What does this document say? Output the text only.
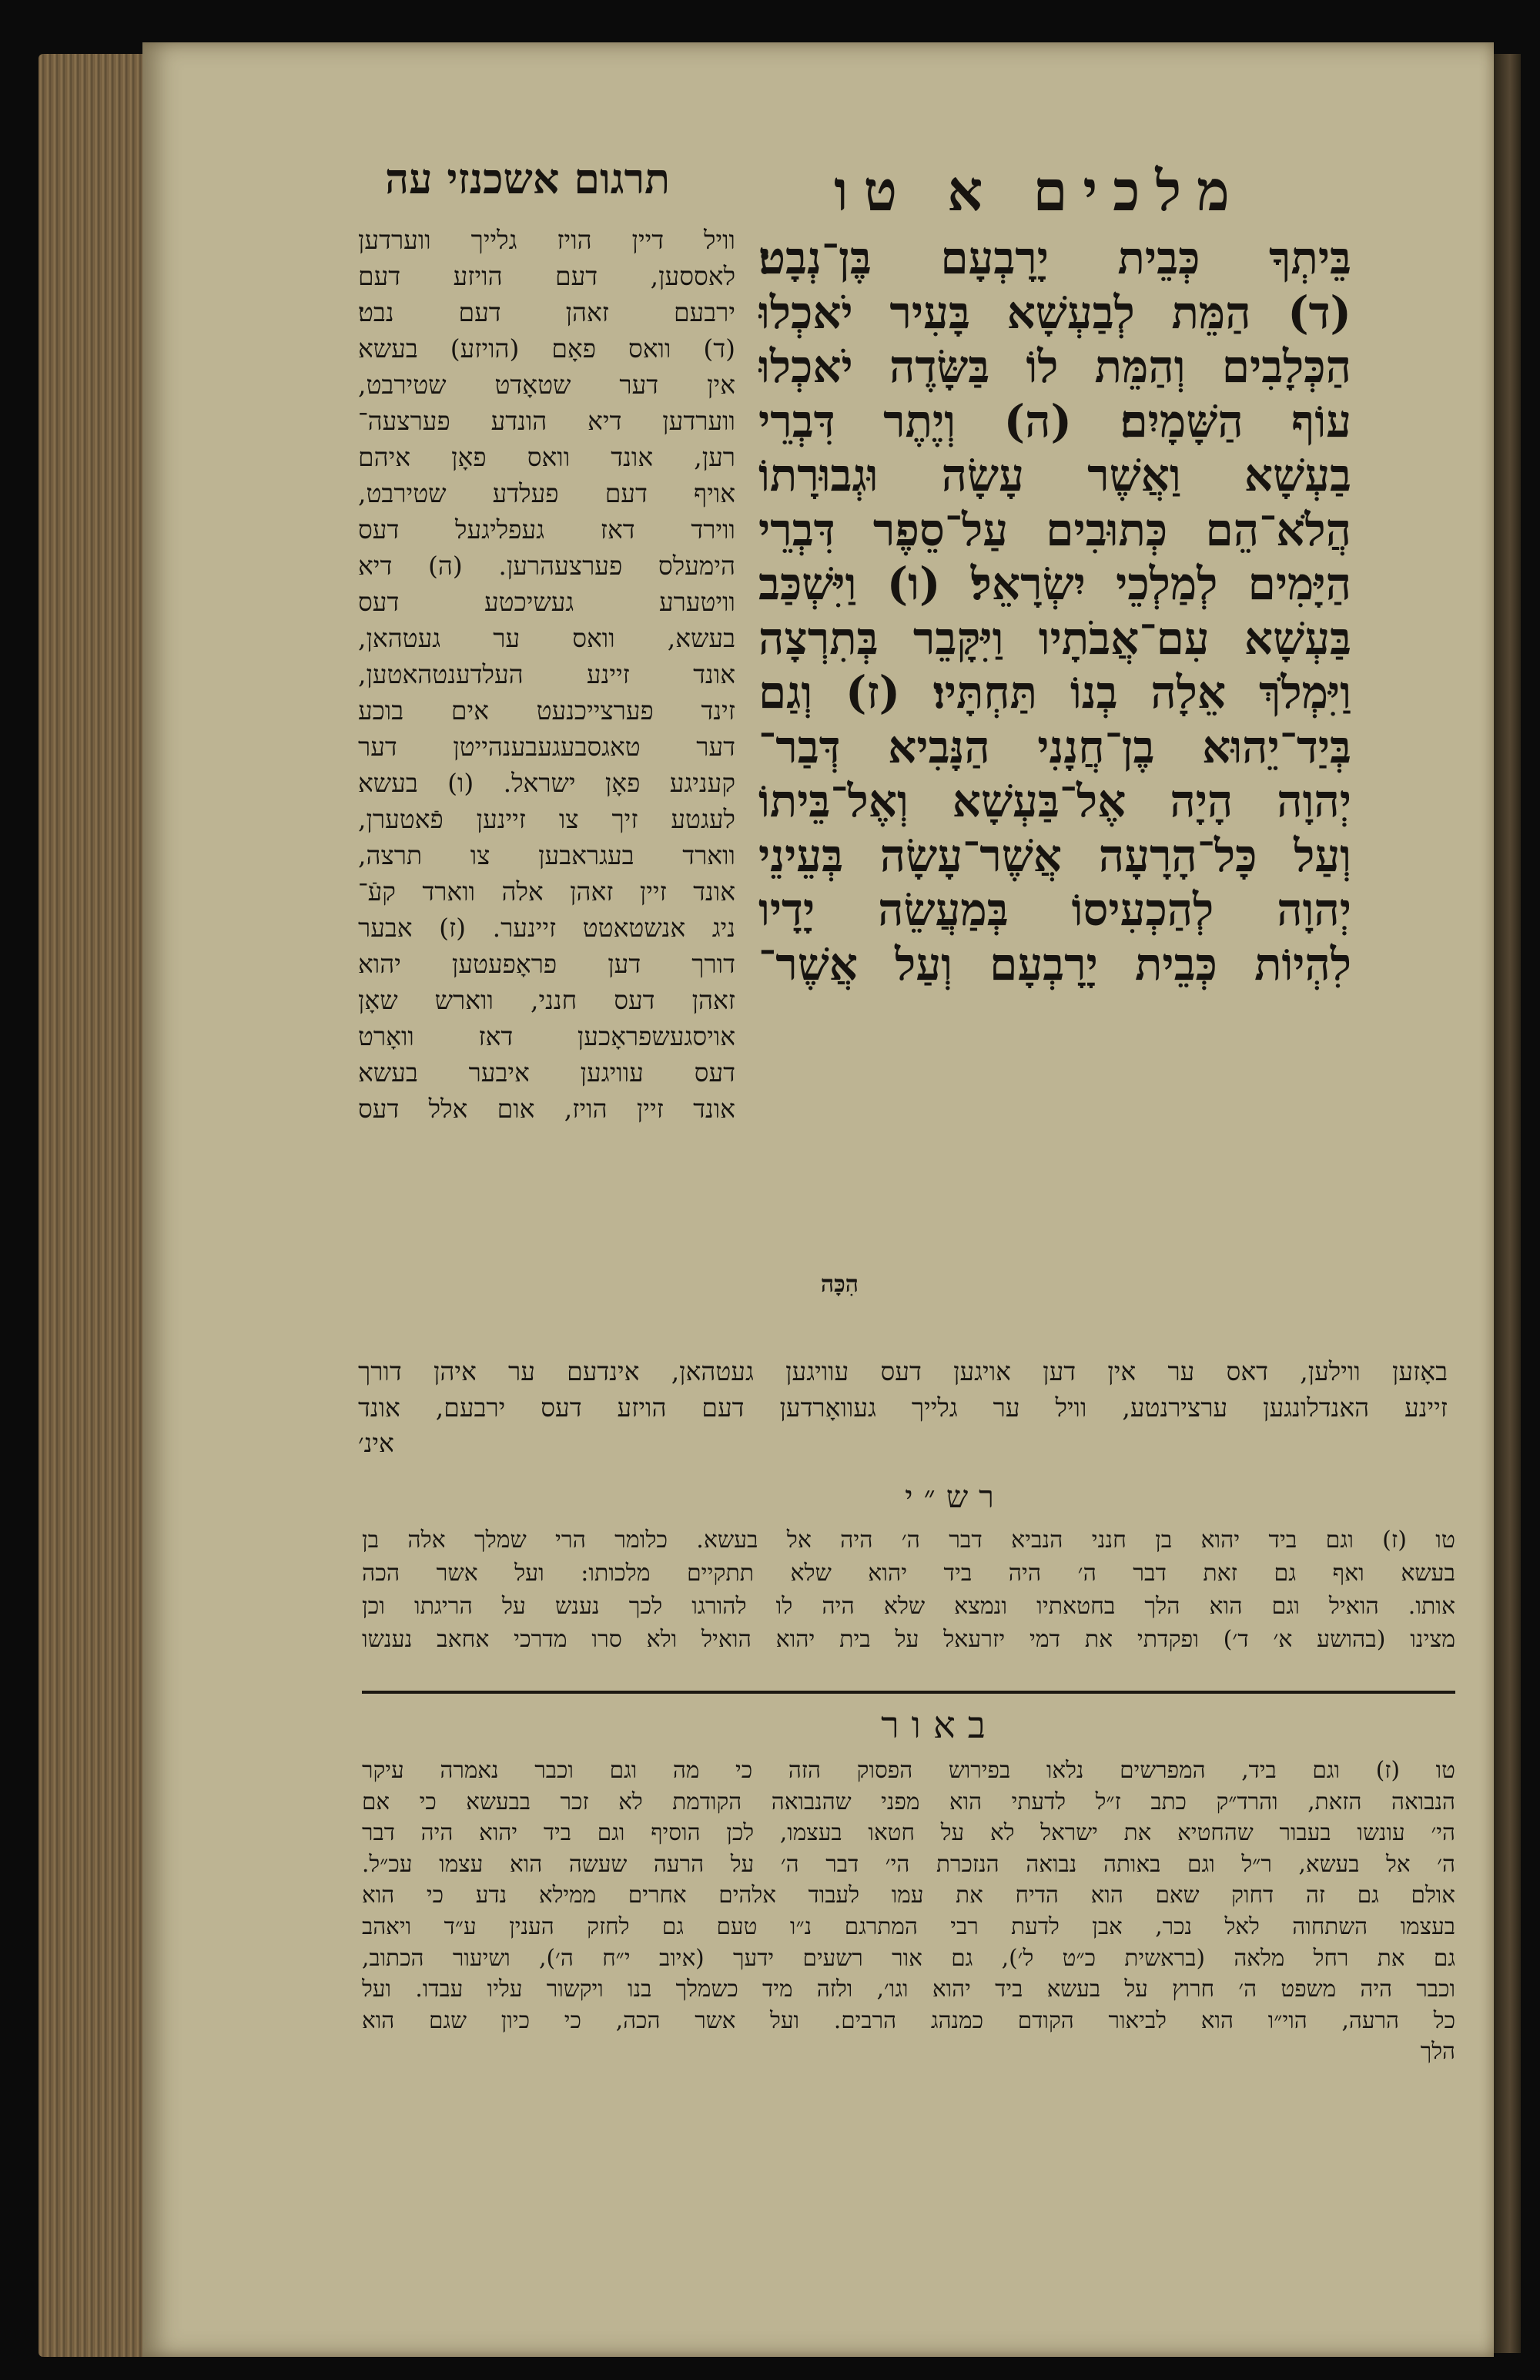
מלכים א טו
תרגום אשכנזי עה
בֵּיתְךָ כְּבֵית יָרָבְעָם בֶּן־נְבָט׃
(ד) הַמֵּת לְבַעְשָׁא בָּעִיר יֹאכְלוּ
הַכְּלָבִים וְהַמֵּת לוֹ בַּשָּׂדֶה יֹאכְלוּ
עוֹף הַשָּׁמָיִם׃ (ה) וְיֶתֶר דִּבְרֵי
בַעְשָׁא וַאֲשֶׁר עָשָׂה וּגְבוּרָתוֹ
הֲלֹא־הֵם כְּתוּבִים עַל־סֵפֶר דִּבְרֵי
הַיָּמִים לְמַלְכֵי יִשְׂרָאֵל׃ (ו) וַיִּשְׁכַּב
בַּעְשָׁא עִם־אֲבֹתָיו וַיִּקָּבֵר בְּתִרְצָה
וַיִּמְלֹךְ אֵלָה בְנוֹ תַּחְתָּיו׃ (ז) וְגַם
בְּיַד־יֵהוּא בֶן־חֲנָנִי הַנָּבִיא דְּבַר־
יְהוָה הָיָה אֶל־בַּעְשָׁא וְאֶל־בֵּיתוֹ
וְעַל כָּל־הָרָעָה אֲשֶׁר־עָשָׂה בְּעֵינֵי
יְהוָה לְהַכְעִיסוֹ בְּמַעֲשֵׂה יָדָיו
לִהְיוֹת כְּבֵית יָרָבְעָם וְעַל אֲשֶׁר־
הִכָּה
וויל דיין הויז גלייך ווערדען
לאססען, דעם הויזע דעם
ירבעם זאהן דעם נבט׃
(ד) וואס פאָם (הויזע) בעשא
אין דער שטאָדט שטירבט,
ווערדען דיא הונדע פערצעה־
רען, אונד וואס פאָן איהם
אויף דעם פעלדע שטירבט,
ווירד דאז געפליגעל דעס
הימעלס פערצעהרען. (ה) דיא
וויטערע געשיכטע דעס
בעשא, וואס ער געטהאן,
אונד זיינע העלדענטהאטען,
זינד פערצייכנעט אים בוכע
דער טאגסבעגעבענהייטן דער
קעניגע פאָן ישראל. (ו) בעשא
לעגטע זיך צו זיינען פֿאטערן,
ווארד בעגראבען צו תרצה,
אונד זיין זאהן אלה ווארד קעֿ־
ניג אנשטאטט זיינער. (ז) אבער
דורך דען פראָפעטען יהוא
זאהן דעס חנני, ווארש שאָן
אויסגעשפראָכען דאז וואָרט
דעס עוויגען איבער בעשא
אונד זיין הויז, אום אלל דעס
באָזען ווילען, דאס ער אין דען אויגען דעס עוויגען געטהאן, אינדעם ער איהן דורך
זיינע האנדלונגען ערצירנטע, וויל ער גלייך געוואָרדען דעם הויזע דעס ירבעם, אונד
אינ׳
רש״י
טו (ז) וגם ביד יהוא בן חנני הנביא דבר ה׳ היה אל בעשא. כלומר הרי שמלך אלה בן
בעשא ואף גם זאת דבר ה׳ היה ביד יהוא שלא תתקיים מלכותו: ועל אשר הכה
אותו. הואיל וגם הוא הלך בחטאתיו ונמצא שלא היה לו להורגו לכך נענש על הריגתו וכן
מצינו (בהושע א׳ ד׳) ופקדתי את דמי יזרעאל על בית יהוא הואיל ולא סרו מדרכי אחאב נענשו
באור
טו (ז) וגם ביד, המפרשים נלאו בפירוש הפסוק הזה כי מה וגם וכבר נאמרה עיקר
הנבואה הזאת, והרד״ק כתב ז״ל לדעתי הוא מפני שהנבואה הקודמת לא זכר בבעשא כי אם
הי׳ עונשו בעבור שהחטיא את ישראל לא על חטאו בעצמו, לכן הוסיף וגם ביד יהוא היה דבר
ה׳ אל בעשא, ר״ל וגם באותה נבואה הנזכרת הי׳ דבר ה׳ על הרעה שעשה הוא עצמו עכ״ל.
אולם גם זה דחוק שאם הוא הדיח את עמו לעבוד אלהים אחרים ממילא נדע כי הוא
בעצמו השתחוה לאל נכר, אבן לדעת רבי המתרגם נ״ו טעם גם לחזק הענין ע״ד ויאהב
גם את רחל מלאה (בראשית כ״ט ל׳), גם אור רשעים ידעך (איוב י״ח ה׳), ושיעור הכתוב,
וכבר היה משפט ה׳ חרוץ על בעשא ביד יהוא וגו׳, ולזה מיד כשמלך בנו ויקשור עליו עבדו. ועל
כל הרעה, הוי״ו הוא לביאור הקודם כמנהג הרבים. ועל אשר הכה, כי כיון שגם הוא
הלך
